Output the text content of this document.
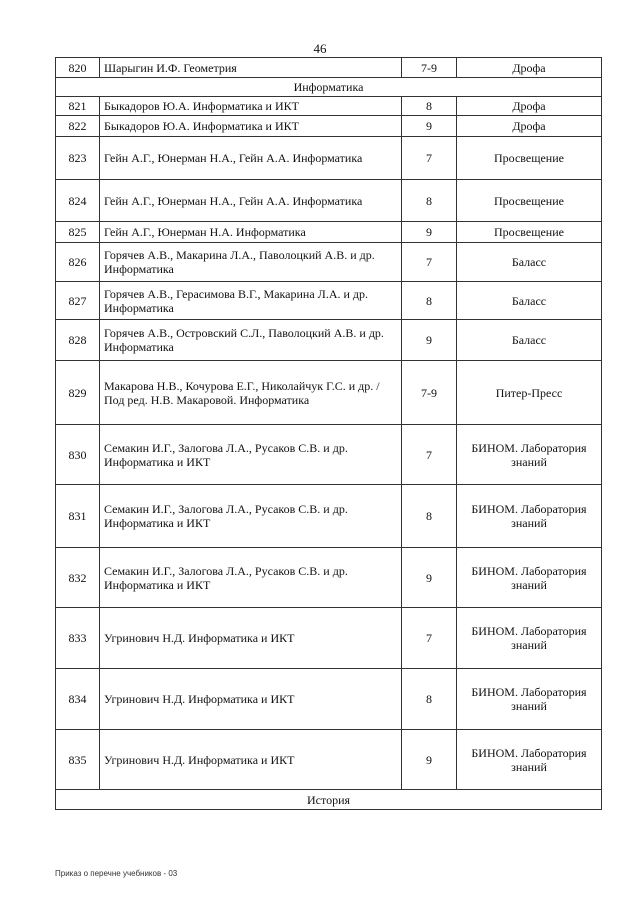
46
820	Шарыгин И.Ф. Геометрия	7-9	Дрофа
Информатика			
821	Быкадоров Ю.А. Информатика и ИКТ	8	Дрофа
822	Быкадоров Ю.А. Информатика и ИКТ	9	Дрофа
823	Гейн А.Г., Юнерман Н.А., Гейн А.А. Информатика	7	Просвещение
824	Гейн А.Г., Юнерман Н.А., Гейн А.А. Информатика	8	Просвещение
825	Гейн А.Г., Юнерман Н.А. Информатика	9	Просвещение
826	Горячев А.В., Макарина Л.А., Паволоцкий А.В. и др. Информатика	7	Баласс
827	Горячев А.В., Герасимова В.Г., Макарина Л.А. и др. Информатика	8	Баласс
828	Горячев А.В., Островский С.Л., Паволоцкий А.В. и др. Информатика	9	Баласс
829	Макарова Н.В., Кочурова Е.Г., Николайчук Г.С. и др. / Под ред. Н.В. Макаровой. Информатика	7-9	Питер-Пресс
830	Семакин И.Г., Залогова Л.А., Русаков С.В. и др. Информатика и ИКТ	7	БИНОМ. Лаборатория знаний
831	Семакин И.Г., Залогова Л.А., Русаков С.В. и др. Информатика и ИКТ	8	БИНОМ. Лаборатория знаний
832	Семакин И.Г., Залогова Л.А., Русаков С.В. и др. Информатика и ИКТ	9	БИНОМ. Лаборатория знаний
833	Угринович Н.Д. Информатика и ИКТ	7	БИНОМ. Лаборатория знаний
834	Угринович Н.Д. Информатика и ИКТ	8	БИНОМ. Лаборатория знаний
835	Угринович Н.Д. Информатика и ИКТ	9	БИНОМ. Лаборатория знаний
История			
Приказ о перечне учебников - 03
